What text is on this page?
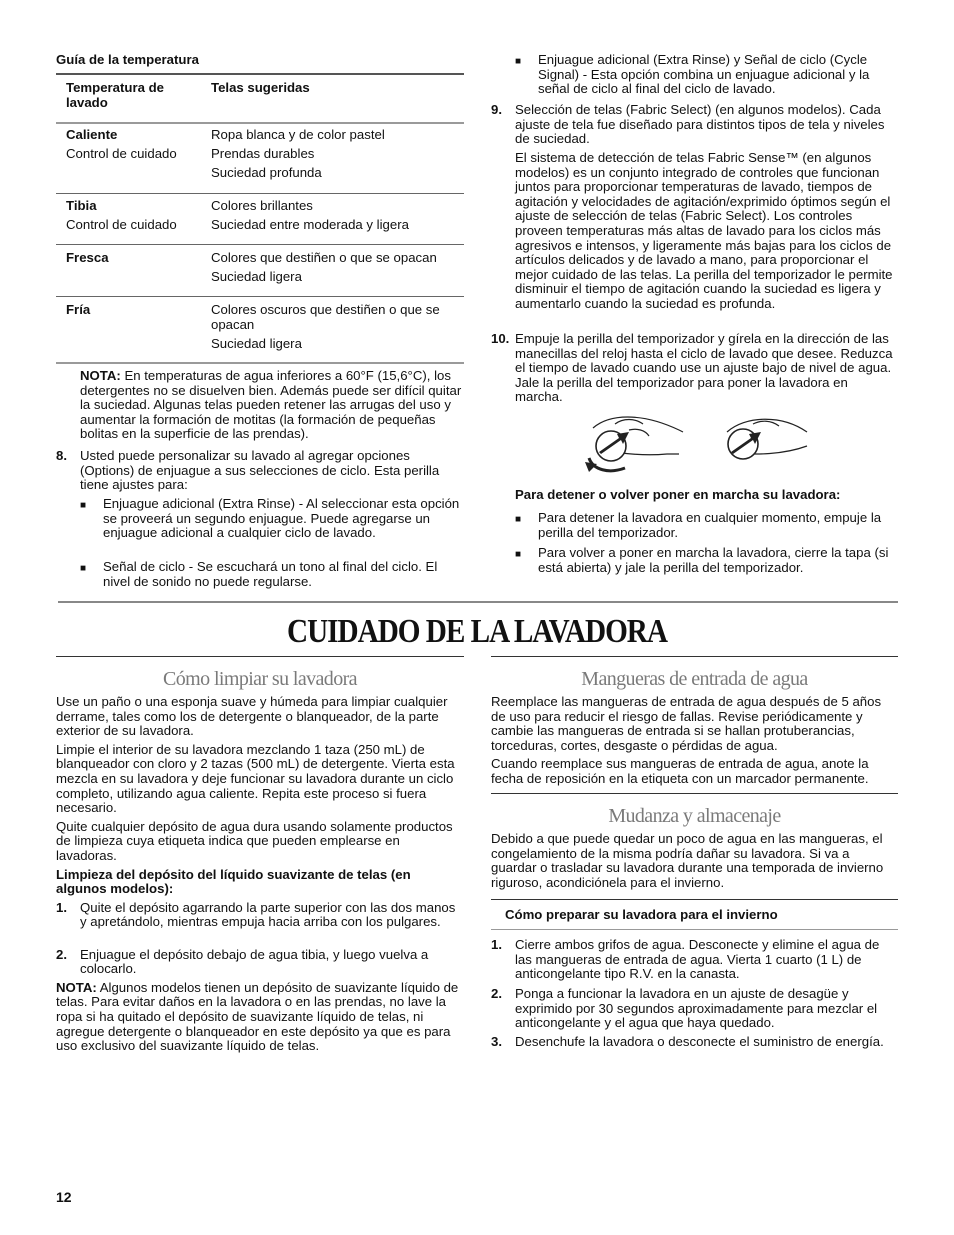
Guía de la temperatura
Temperatura de lavado
Telas sugeridas
Caliente
Control de cuidado
Ropa blanca y de color pastel
Prendas durables
Suciedad profunda
Tibia
Control de cuidado
Colores brillantes
Suciedad entre moderada y ligera
Fresca	Colores que destiñen o que se opacan
Suciedad ligera
Fría	Colores oscuros que destiñen o que se opacan
Suciedad ligera

NOTA: En temperaturas de agua inferiores a 60°F (15,6°C), los detergentes no se disuelven bien. Además puede ser difícil quitar la suciedad. Algunas telas pueden retener las arrugas del uso y aumentar la formación de motitas (la formación de pequeñas bolitas en la superficie de las prendas).

8. Usted puede personalizar su lavado al agregar opciones (Options) de enjuague a sus selecciones de ciclo. Esta perilla tiene ajustes para:

■ Enjuague adicional (Extra Rinse) - Al seleccionar esta opción se proveerá un segundo enjuague. Puede agregarse un enjuague adicional a cualquier ciclo de lavado.

■ Señal de ciclo - Se escuchará un tono al final del ciclo. El nivel de sonido no puede regularse.

■ Enjuague adicional (Extra Rinse) y Señal de ciclo (Cycle Signal) - Esta opción combina un enjuague adicional y la señal de ciclo al final del ciclo de lavado.

9. Selección de telas (Fabric Select) (en algunos modelos). Cada ajuste de tela fue diseñado para distintos tipos de tela y niveles de suciedad.

El sistema de detección de telas Fabric Sense™ (en algunos modelos) es un conjunto integrado de controles que funcionan juntos para proporcionar temperaturas de lavado, tiempos de agitación y velocidades de agitación/exprimido óptimos según el ajuste de selección de telas (Fabric Select). Los controles proveen temperaturas más altas de lavado para los ciclos más agresivos e intensos, y ligeramente más bajas para los ciclos de artículos delicados y de lavado a mano, para proporcionar el mejor cuidado de las telas. La perilla del temporizador le permite disminuir el tiempo de agitación cuando la suciedad es ligera y aumentarlo cuando la suciedad es profunda.

10. Empuje la perilla del temporizador y gírela en la dirección de las manecillas del reloj hasta el ciclo de lavado que desee. Reduzca el tiempo de lavado cuando use un ajuste bajo de nivel de agua. Jale la perilla del temporizador para poner la lavadora en marcha.

Para detener o volver poner en marcha su lavadora:

■ Para detener la lavadora en cualquier momento, empuje la perilla del temporizador.

■ Para volver a poner en marcha la lavadora, cierre la tapa (si está abierta) y jale la perilla del temporizador.

CUIDADO DE LA LAVADORA
Cómo limpiar su lavadora

Use un paño o una esponja suave y húmeda para limpiar cualquier derrame, tales como los de detergente o blanqueador, de la parte exterior de su lavadora.

Limpie el interior de su lavadora mezclando 1 taza (250 mL) de blanqueador con cloro y 2 tazas (500 mL) de detergente. Vierta esta mezcla en su lavadora y deje funcionar su lavadora durante un ciclo completo, utilizando agua caliente. Repita este proceso si fuera necesario.

Quite cualquier depósito de agua dura usando solamente productos de limpieza cuya etiqueta indica que pueden emplearse en lavadoras.

Limpieza del depósito del líquido suavizante de telas (en algunos modelos):

1. Quite el depósito agarrando la parte superior con las dos manos y apretándolo, mientras empuja hacia arriba con los pulgares.

2. Enjuague el depósito debajo de agua tibia, y luego vuelva a colocarlo.

NOTA: Algunos modelos tienen un depósito de suavizante líquido de telas. Para evitar daños en la lavadora o en las prendas, no lave la ropa si ha quitado el depósito de suavizante líquido de telas, ni agregue detergente o blanqueador en este depósito ya que es para uso exclusivo del suavizante líquido de telas.

Mangueras de entrada de agua

Reemplace las mangueras de entrada de agua después de 5 años de uso para reducir el riesgo de fallas. Revise periódicamente y cambie las mangueras de entrada si se hallan protuberancias, torceduras, cortes, desgaste o pérdidas de agua.

Cuando reemplace sus mangueras de entrada de agua, anote la fecha de reposición en la etiqueta con un marcador permanente.

Mudanza y almacenaje

Debido a que puede quedar un poco de agua en las mangueras, el congelamiento de la misma podría dañar su lavadora. Si va a guardar o trasladar su lavadora durante una temporada de invierno riguroso, acondiciónela para el invierno.

Cómo preparar su lavadora para el invierno
1. Cierre ambos grifos de agua. Desconecte y elimine el agua de las mangueras de entrada de agua. Vierta 1 cuarto (1 L) de anticongelante tipo R.V. en la canasta.

2. Ponga a funcionar la lavadora en un ajuste de desagüe y exprimido por 30 segundos aproximadamente para mezclar el anticongelante y el agua que haya quedado.

3. Desenchufe la lavadora o desconecte el suministro de energía.

12
